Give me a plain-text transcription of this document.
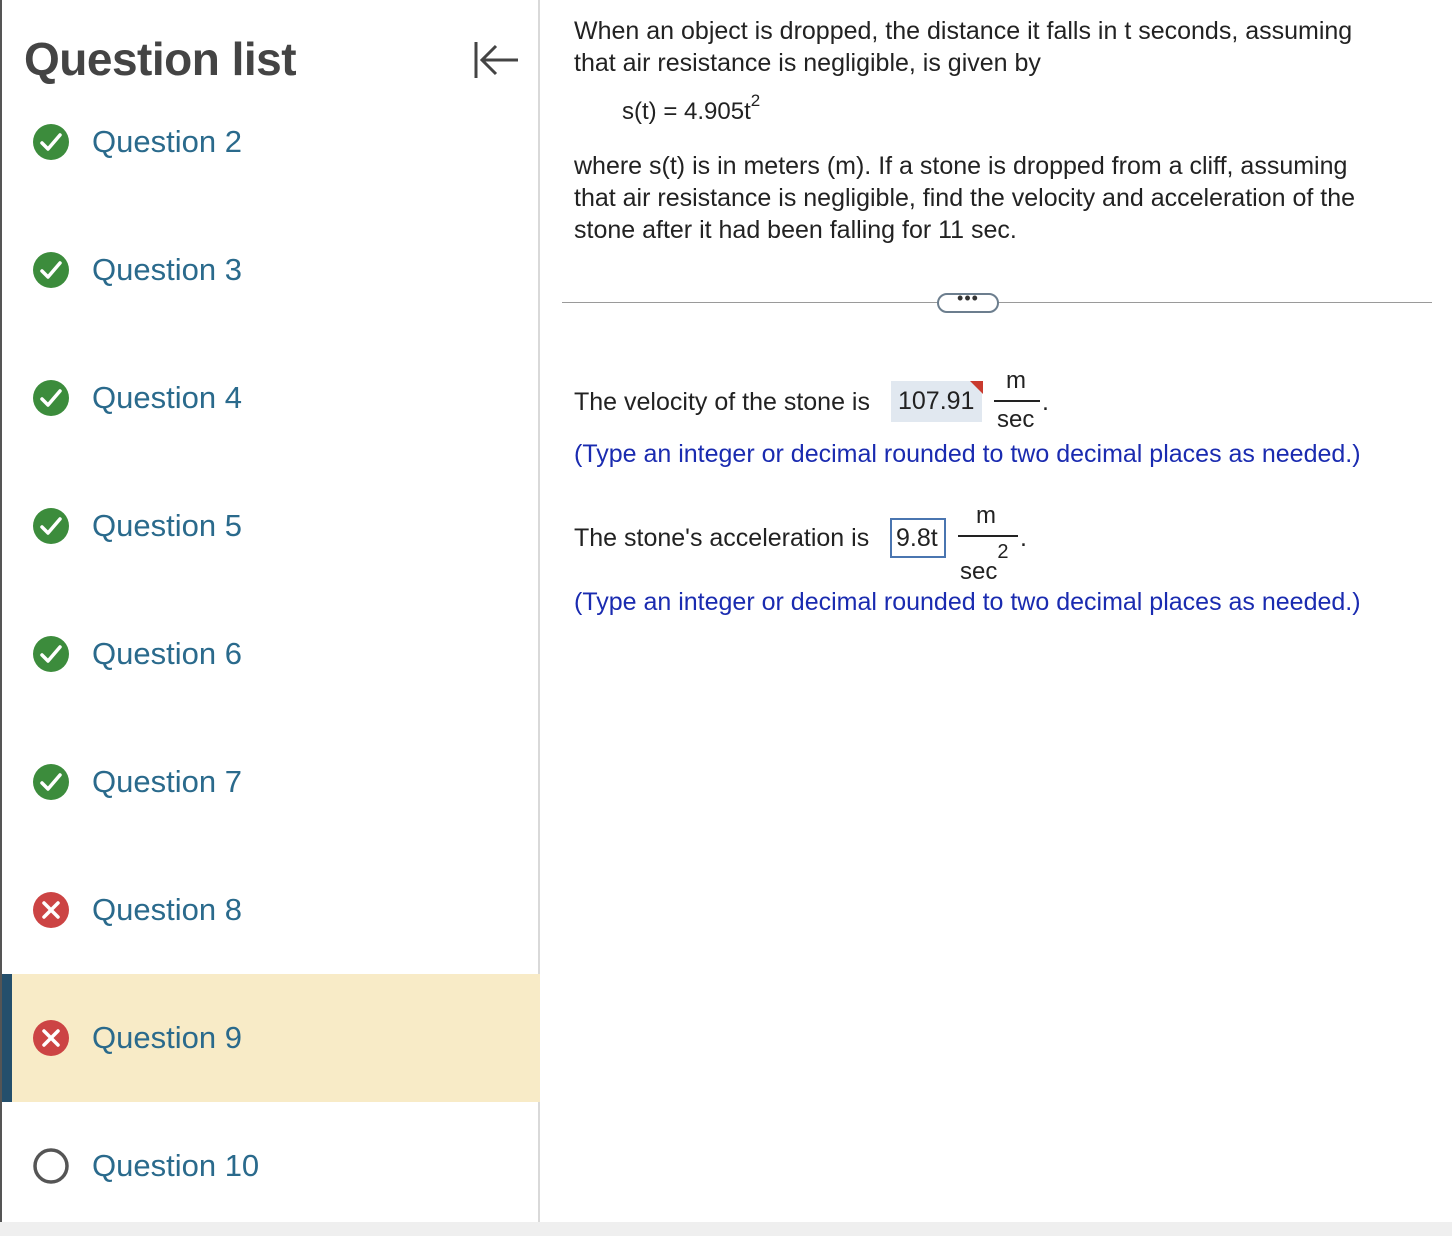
Question list
Question 2
Question 3
Question 4
Question 5
Question 6
Question 7
Question 8
Question 9
Question 10
When an object is dropped, the distance it falls in t seconds, assuming
that air resistance is negligible, is given by
$s(t) = 4.905t^2$
where s(t) is in meters (m). If a stone is dropped from a cliff, assuming
that air resistance is negligible, find the velocity and acceleration of the
stone after it had been falling for 11 sec.
•••
The velocity of the stone is 107.91
m
sec
.
(Type an integer or decimal rounded to two decimal places as needed.)
The stone's acceleration is 9.8t
m
$\sec^2$ .
(Type an integer or decimal rounded to two decimal places as needed.)
